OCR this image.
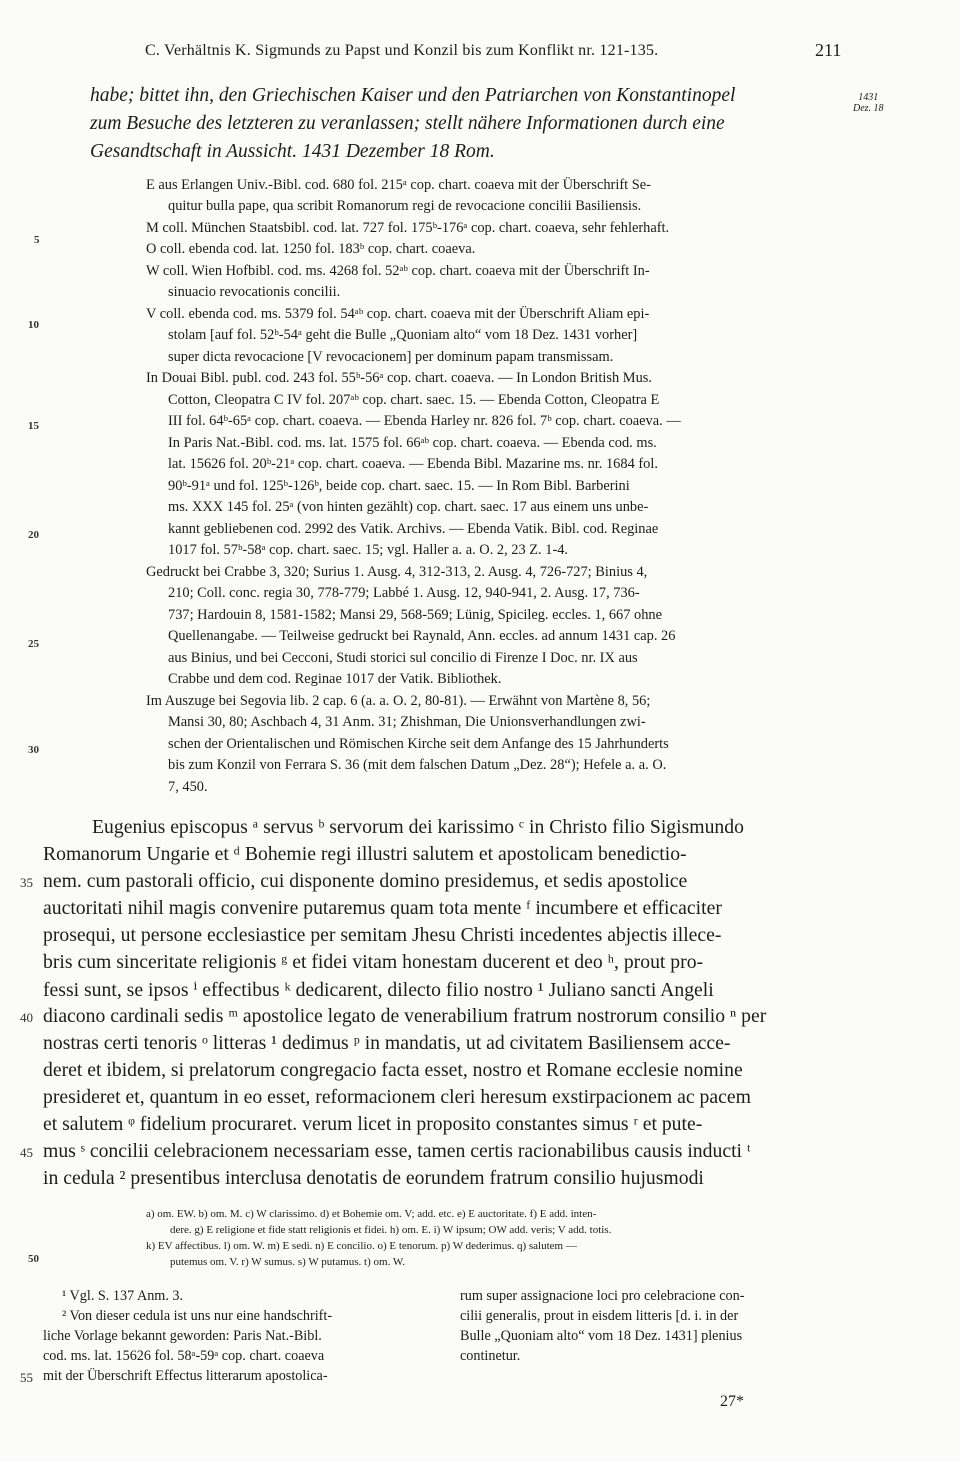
C. Verhältnis K. Sigmunds zu Papst und Konzil bis zum Konflikt nr. 121-135.	211
1431
Dez. 18
habe; bittet ihn, den Griechischen Kaiser und den Patriarchen von Konstantinopel
zum Besuche des letzteren zu veranlassen; stellt nähere Informationen durch eine
Gesandtschaft in Aussicht. 1431 Dezember 18 Rom.
E aus Erlangen Univ.-Bibl. cod. 680 fol. 215ᵃ cop. chart. coaeva mit der Überschrift Se-
quitur bulla pape, qua scribit Romanorum regi de revocacione concilii Basiliensis.
M coll. München Staatsbibl. cod. lat. 727 fol. 175ᵇ-176ᵃ cop. chart. coaeva, sehr fehlerhaft.
O coll. ebenda cod. lat. 1250 fol. 183ᵇ cop. chart. coaeva.
W coll. Wien Hofbibl. cod. ms. 4268 fol. 52ᵃᵇ cop. chart. coaeva mit der Überschrift In-
sinuacio revocationis concilii.
V coll. ebenda cod. ms. 5379 fol. 54ᵃᵇ cop. chart. coaeva mit der Überschrift Aliam epi-
stolam [auf fol. 52ᵇ-54ᵃ geht die Bulle „Quoniam alto“ vom 18 Dez. 1431 vorher]
super dicta revocacione [V revocacionem] per dominum papam transmissam.
In Douai Bibl. publ. cod. 243 fol. 55ᵇ-56ᵃ cop. chart. coaeva. — In London British Mus.
Cotton, Cleopatra C IV fol. 207ᵃᵇ cop. chart. saec. 15. — Ebenda Cotton, Cleopatra E
III fol. 64ᵇ-65ᵃ cop. chart. coaeva. — Ebenda Harley nr. 826 fol. 7ᵇ cop. chart. coaeva. —
In Paris Nat.-Bibl. cod. ms. lat. 1575 fol. 66ᵃᵇ cop. chart. coaeva. — Ebenda cod. ms.
lat. 15626 fol. 20ᵇ-21ᵃ cop. chart. coaeva. — Ebenda Bibl. Mazarine ms. nr. 1684 fol.
90ᵇ-91ᵃ und fol. 125ᵇ-126ᵇ, beide cop. chart. saec. 15. — In Rom Bibl. Barberini
ms. XXX 145 fol. 25ᵃ (von hinten gezählt) cop. chart. saec. 17 aus einem uns unbe-
kannt gebliebenen cod. 2992 des Vatik. Archivs. — Ebenda Vatik. Bibl. cod. Reginae
1017 fol. 57ᵇ-58ᵃ cop. chart. saec. 15; vgl. Haller a. a. O. 2, 23 Z. 1-4.
Gedruckt bei Crabbe 3, 320; Surius 1. Ausg. 4, 312-313, 2. Ausg. 4, 726-727; Binius 4,
210; Coll. conc. regia 30, 778-779; Labbé 1. Ausg. 12, 940-941, 2. Ausg. 17, 736-
737; Hardouin 8, 1581-1582; Mansi 29, 568-569; Lünig, Spicileg. eccles. 1, 667 ohne
Quellenangabe. — Teilweise gedruckt bei Raynald, Ann. eccles. ad annum 1431 cap. 26
aus Binius, und bei Cecconi, Studi storici sul concilio di Firenze I Doc. nr. IX aus
Crabbe und dem cod. Reginae 1017 der Vatik. Bibliothek.
Im Auszuge bei Segovia lib. 2 cap. 6 (a. a. O. 2, 80-81). — Erwähnt von Martène 8, 56;
Mansi 30, 80; Aschbach 4, 31 Anm. 31; Zhishman, Die Unionsverhandlungen zwi-
schen der Orientalischen und Römischen Kirche seit dem Anfange des 15 Jahrhunderts
bis zum Konzil von Ferrara S. 36 (mit dem falschen Datum „Dez. 28“); Hefele a. a. O.
7, 450.
5
10
15
20
25
30
Eugenius episcopus ᵃ servus ᵇ servorum dei karissimo ᶜ in Christo filio Sigismundo
Romanorum Ungarie et ᵈ Bohemie regi illustri salutem et apostolicam benedictio-
nem. cum pastorali officio, cui disponente domino presidemus, et sedis apostolice
auctoritati nihil magis convenire putaremus quam tota mente ᶠ incumbere et efficaciter
prosequi, ut persone ecclesiastice per semitam Jhesu Christi incedentes abjectis illece-
bris cum sinceritate religionis ᵍ et fidei vitam honestam ducerent et deo ʰ, prout pro-
fessi sunt, se ipsos ⁱ effectibus ᵏ dedicarent, dilecto filio nostro ¹ Juliano sancti Angeli
diacono cardinali sedis ᵐ apostolice legato de venerabilium fratrum nostrorum consilio ⁿ per
nostras certi tenoris ᵒ litteras ¹ dedimus ᵖ in mandatis, ut ad civitatem Basiliensem acce-
deret et ibidem, si prelatorum congregacio facta esset, nostro et Romane ecclesie nomine
presideret et, quantum in eo esset, reformacionem cleri heresum exstirpacionem ac pacem
et salutem ᵠ fidelium procuraret. verum licet in proposito constantes simus ʳ et pute-
mus ˢ concilii celebracionem necessariam esse, tamen certis racionabilibus causis inducti ᵗ
in cedula ² presentibus interclusa denotatis de eorundem fratrum consilio hujusmodi
35
40
45
a) om. EW. b) om. M. c) W clarissimo. d) et Bohemie om. V; add. etc. e) E auctoritate. f) E add. inten-
dere. g) E religione et fide statt religionis et fidei. h) om. E. i) W ipsum; OW add. veris; V add. totis.
k) EV affectibus. l) om. W. m) E sedi. n) E concilio. o) E tenorum. p) W dederimus. q) salutem —
putemus om. V. r) W sumus. s) W putamus. t) om. W.
50
¹ Vgl. S. 137 Anm. 3.
² Von dieser cedula ist uns nur eine handschrift-
liche Vorlage bekannt geworden: Paris Nat.-Bibl.
cod. ms. lat. 15626 fol. 58ᵃ-59ᵃ cop. chart. coaeva
mit der Überschrift Effectus litterarum apostolica-
55
rum super assignacione loci pro celebracione con-
cilii generalis, prout in eisdem litteris [d. i. in der
Bulle „Quoniam alto“ vom 18 Dez. 1431] plenius
continetur.
27*
